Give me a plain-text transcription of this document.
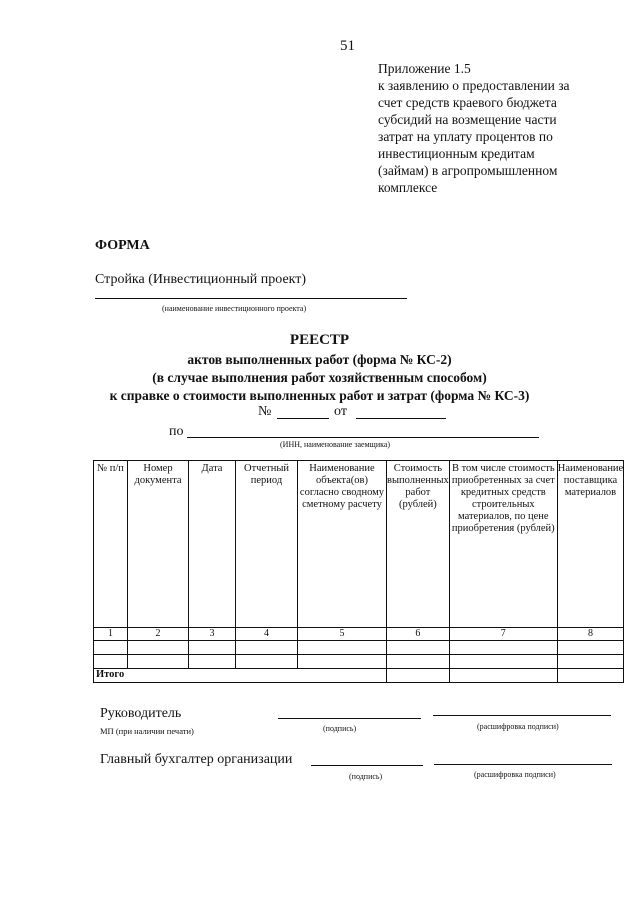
51
Приложение 1.5
к заявлению о предоставлении за
счет средств краевого бюджета
субсидий на возмещение части
затрат на уплату процентов по
инвестиционным кредитам
(займам) в агропромышленном
комплексе
ФОРМА
Стройка (Инвестиционный проект)
(наименование инвестиционного проекта)
РЕЕСТР
актов выполненных работ (форма № КС-2)
(в случае выполнения работ хозяйственным способом)
к справке о стоимости выполненных работ и затрат (форма № КС-3)
№	от
по
(ИНН, наименование заемщика)
№ п/п	Номер документа	Дата	Отчетный период	Наименование объекта(ов) согласно сводному сметному расчету	Стоимость выполненных работ (рублей)	В том числе стоимость приобретенных за счет кредитных средств строительных материалов, по цене приобретения (рублей)	Наименование поставщика материалов
1	2	3	4	5	6	7	8

Итого							
Руководитель
МП (при наличии печати)	(подпись)	(расшифровка подписи)
Главный бухгалтер организации
(подпись)	(расшифровка подписи)
